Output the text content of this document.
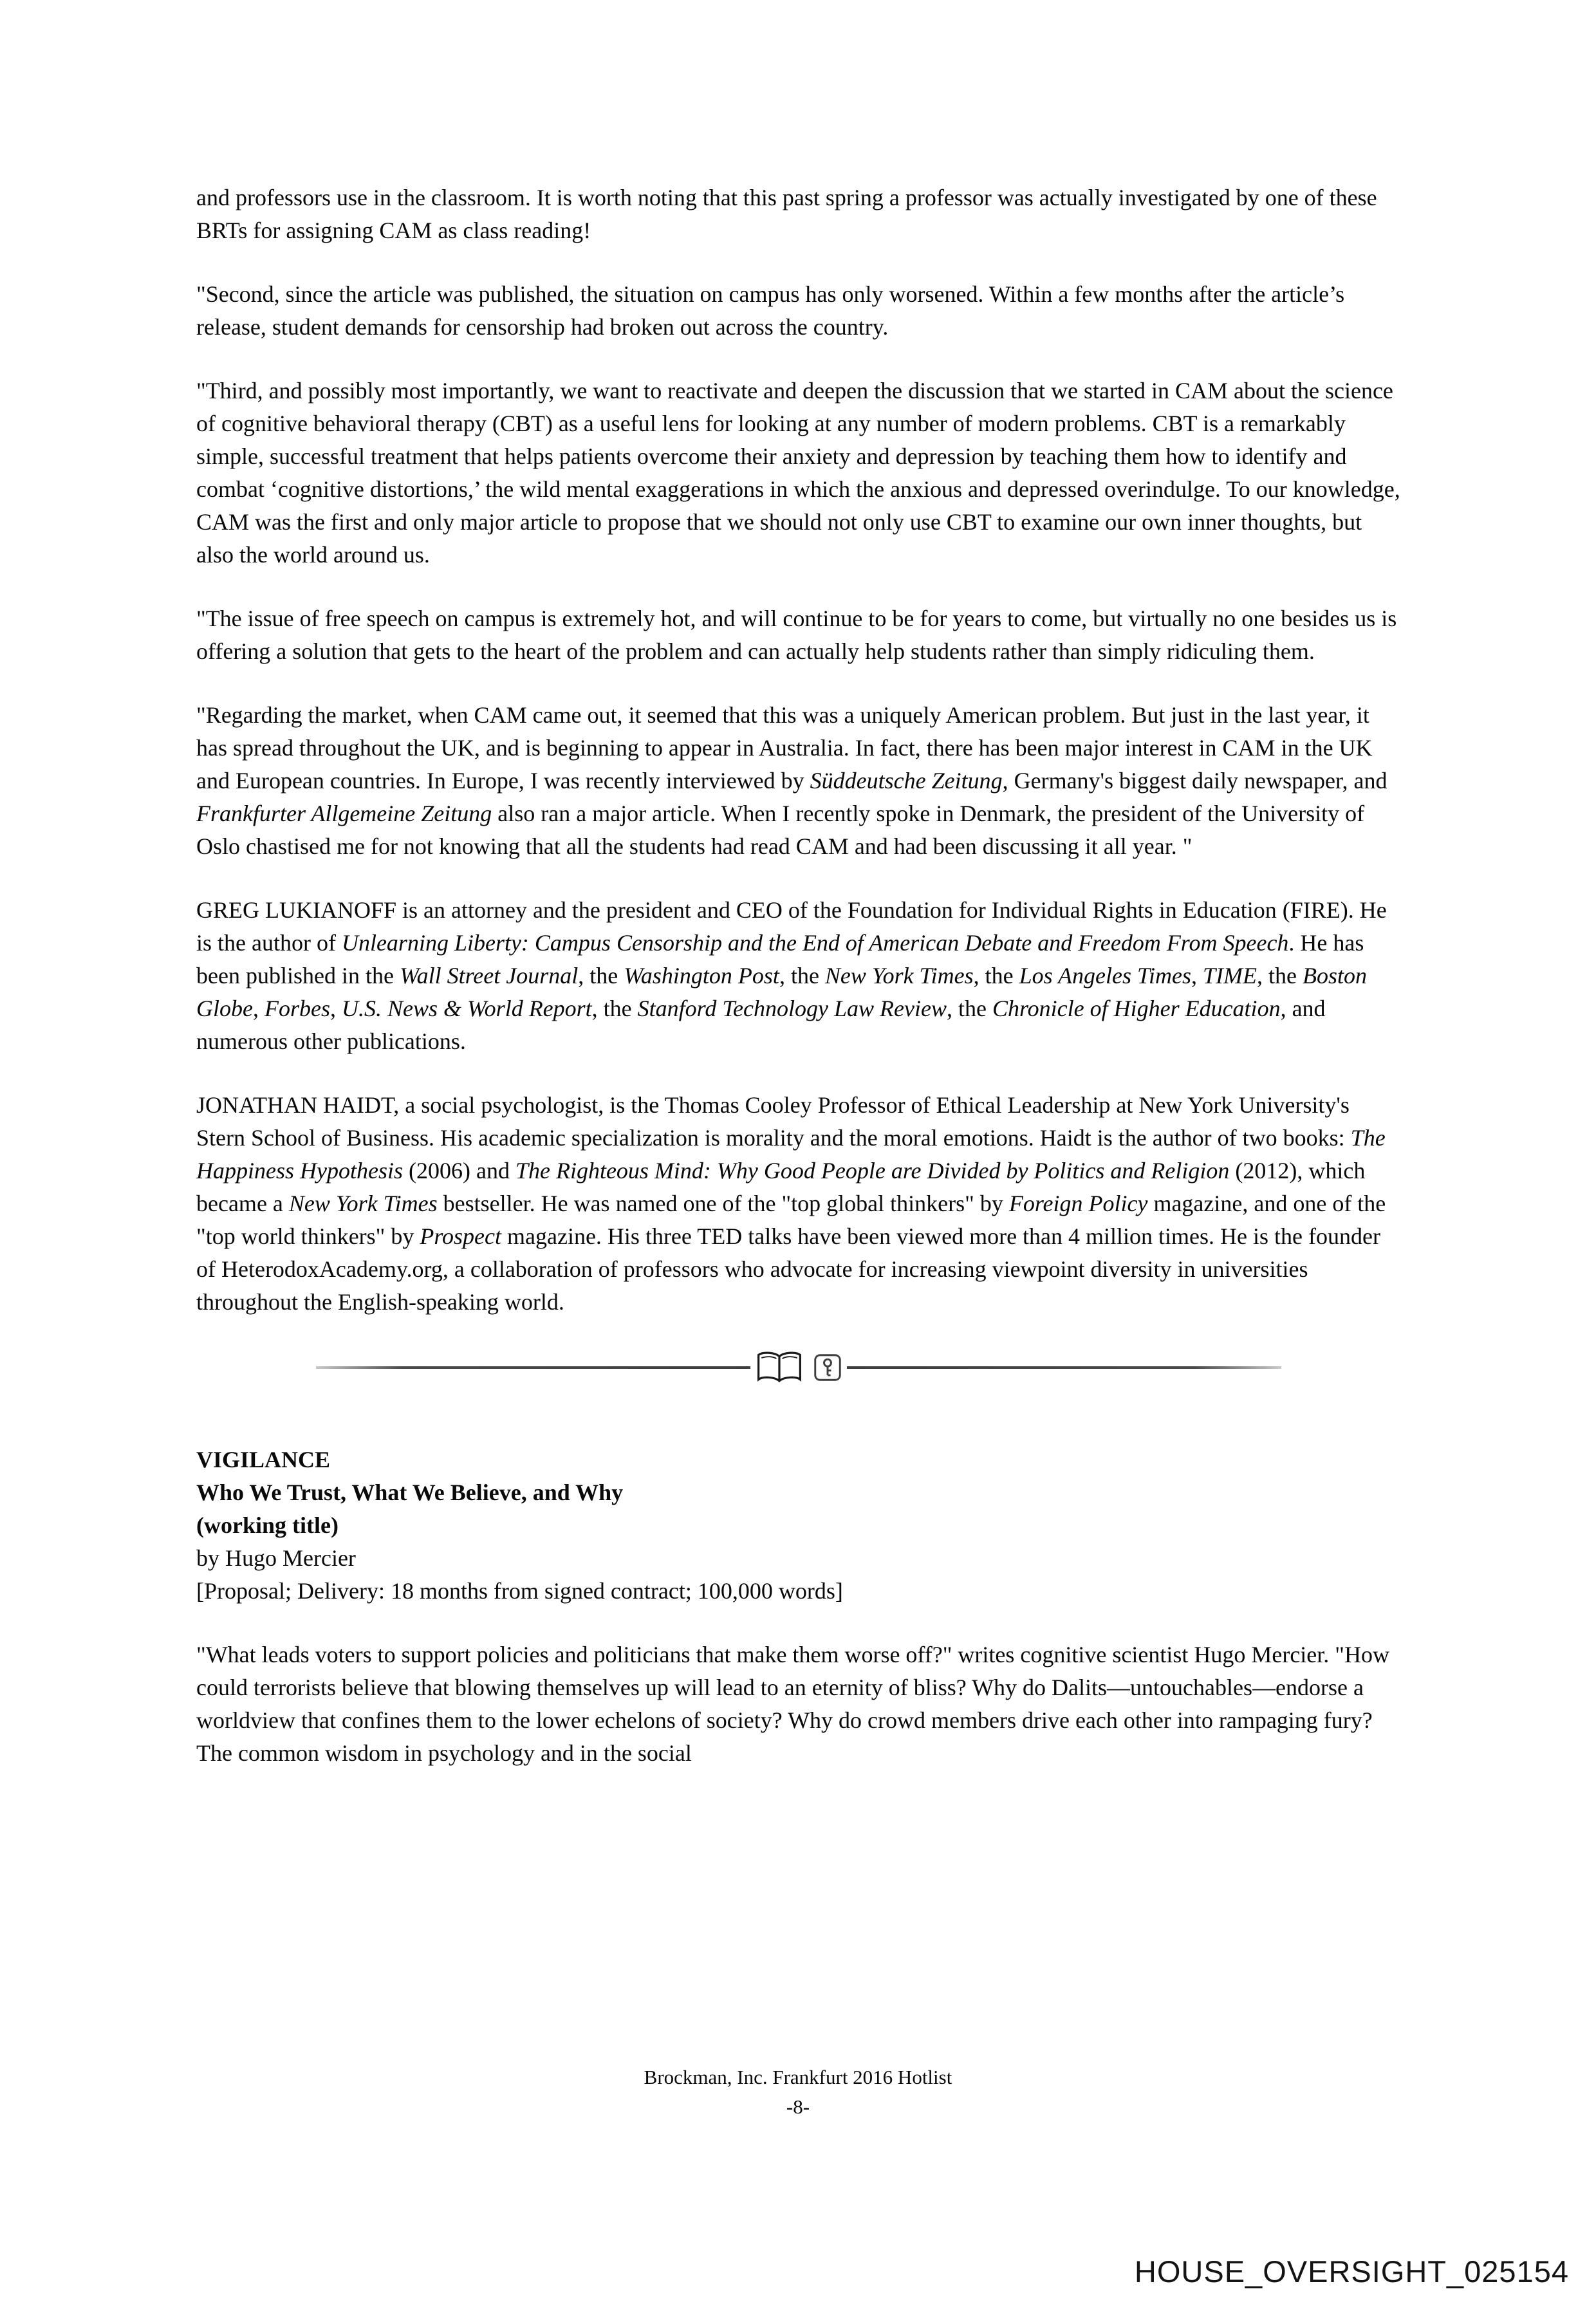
and professors use in the classroom. It is worth noting that this past spring a professor was actually investigated by one of these BRTs for assigning CAM as class reading!

"Second, since the article was published, the situation on campus has only worsened. Within a few months after the article’s release, student demands for censorship had broken out across the country.

"Third, and possibly most importantly, we want to reactivate and deepen the discussion that we started in CAM about the science of cognitive behavioral therapy (CBT) as a useful lens for looking at any number of modern problems. CBT is a remarkably simple, successful treatment that helps patients overcome their anxiety and depression by teaching them how to identify and combat ‘cognitive distortions,’ the wild mental exaggerations in which the anxious and depressed overindulge. To our knowledge, CAM was the first and only major article to propose that we should not only use CBT to examine our own inner thoughts, but also the world around us.

"The issue of free speech on campus is extremely hot, and will continue to be for years to come, but virtually no one besides us is offering a solution that gets to the heart of the problem and can actually help students rather than simply ridiculing them.

"Regarding the market, when CAM came out, it seemed that this was a uniquely American problem. But just in the last year, it has spread throughout the UK, and is beginning to appear in Australia. In fact, there has been major interest in CAM in the UK and European countries. In Europe, I was recently interviewed by Süddeutsche Zeitung, Germany's biggest daily newspaper, and Frankfurter Allgemeine Zeitung also ran a major article. When I recently spoke in Denmark, the president of the University of Oslo chastised me for not knowing that all the students had read CAM and had been discussing it all year. "

GREG LUKIANOFF is an attorney and the president and CEO of the Foundation for Individual Rights in Education (FIRE). He is the author of Unlearning Liberty: Campus Censorship and the End of American Debate and Freedom From Speech. He has been published in the Wall Street Journal, the Washington Post, the New York Times, the Los Angeles Times, TIME, the Boston Globe, Forbes, U.S. News & World Report, the Stanford Technology Law Review, the Chronicle of Higher Education, and numerous other publications.

JONATHAN HAIDT, a social psychologist, is the Thomas Cooley Professor of Ethical Leadership at New York University's Stern School of Business. His academic specialization is morality and the moral emotions. Haidt is the author of two books: The Happiness Hypothesis (2006) and The Righteous Mind: Why Good People are Divided by Politics and Religion (2012), which became a New York Times bestseller. He was named one of the "top global thinkers" by Foreign Policy magazine, and one of the "top world thinkers" by Prospect magazine. His three TED talks have been viewed more than 4 million times. He is the founder of HeterodoxAcademy.org, a collaboration of professors who advocate for increasing viewpoint diversity in universities throughout the English-speaking world.

VIGILANCE

Who We Trust, What We Believe, and Why

(working title)

by Hugo Mercier

[Proposal; Delivery: 18 months from signed contract; 100,000 words]

"What leads voters to support policies and politicians that make them worse off?" writes cognitive scientist Hugo Mercier. "How could terrorists believe that blowing themselves up will lead to an eternity of bliss? Why do Dalits—untouchables—endorse a worldview that confines them to the lower echelons of society? Why do crowd members drive each other into rampaging fury? The common wisdom in psychology and in the social

Brockman, Inc. Frankfurt 2016 Hotlist
-8-
HOUSE_OVERSIGHT_025154
